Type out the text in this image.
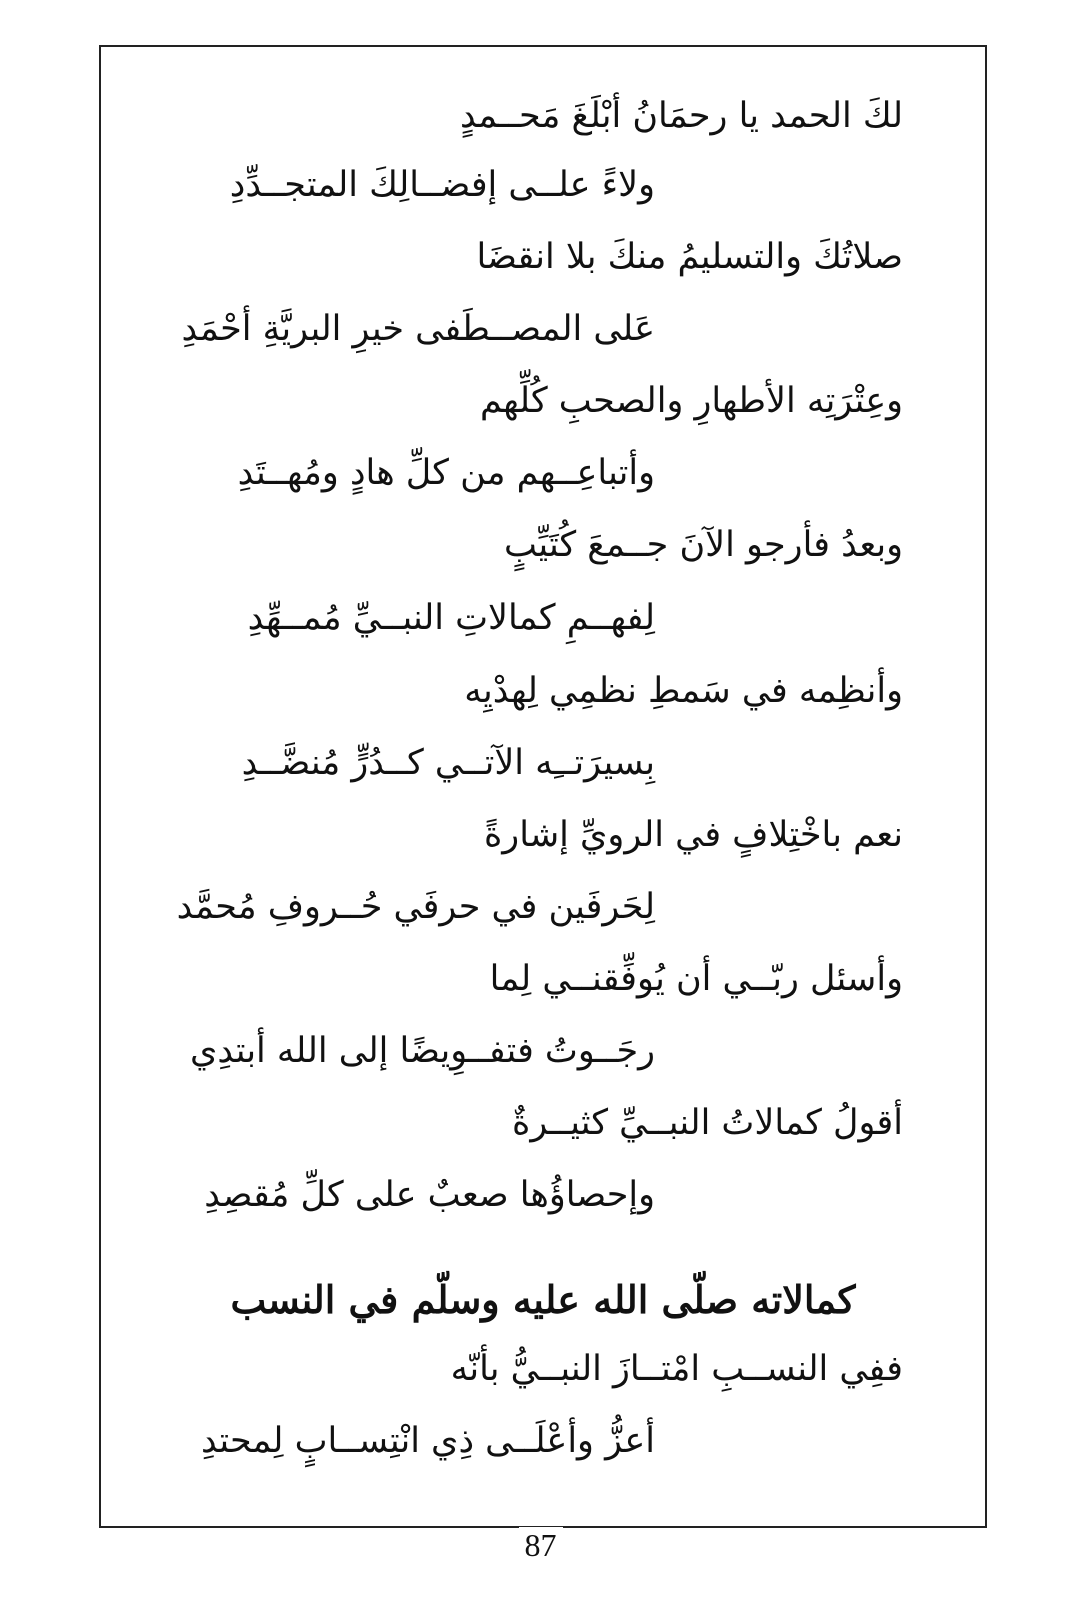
لكَ الحمد يا رحمَانُ أبْلَغَ مَحــمدٍ
ولاءً علــى إفضــالِكَ المتجــدِّدِ
صلاتُكَ والتسليمُ منكَ بلا انقضَا
عَلى المصــطَفى خيرِ البريَّةِ أحْمَدِ
وعِتْرَتِه الأطهارِ والصحبِ كُلِّهم
وأتباعِــهم من كلِّ هادٍ ومُهــتَدِ
وبعدُ فأرجو الآنَ جــمعَ كُتَيِّبٍ
لِفهــمِ كمالاتِ النبــيِّ مُمــهِّدِ
وأنظِمه في سَمطِ نظمِي لِهدْيِه
بِسيرَتــِه الآتــي كــدُرٍّ مُنضَّــدِ
نعم باخْتِلافٍ في الرويِّ إشارةً
لِحَرفَين في حرفَي حُــروفِ مُحمَّد
وأسئل ربّــي أن يُوفِّقنــي لِما
رجَــوتُ فتفــوِيضًا إلى الله أبتدِي
أقولُ كمالاتُ النبــيِّ كثيــرةٌ
وإحصاؤُها صعبٌ على كلِّ مُقصِدِ
كمالاته صلّى الله عليه وسلّم في النسب
ففِي النســبِ امْتــازَ النبــيُّ بأنّه
أعزُّ وأعْلَــى ذِي انْتِســابٍ لِمحتدِ
87
